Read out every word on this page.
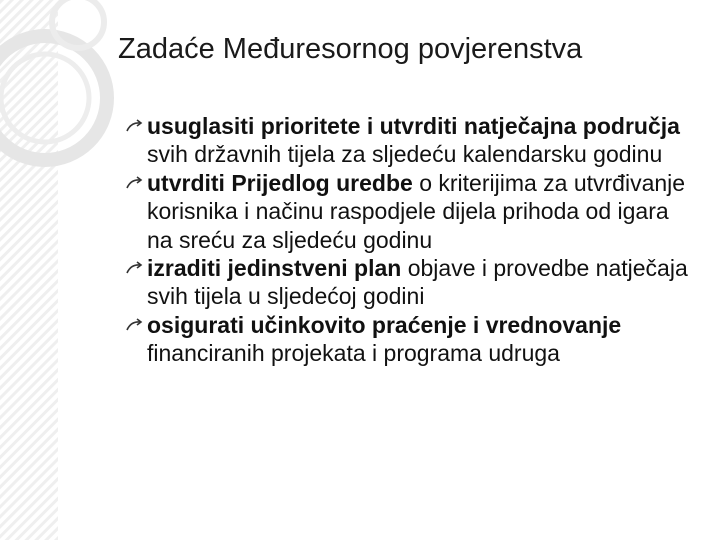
Zadaće Međuresornog povjerenstva
usuglasiti prioritete i utvrditi natječajna područja svih državnih tijela za sljedeću kalendarsku godinu
utvrditi Prijedlog uredbe o kriterijima za utvrđivanje korisnika i načinu raspodjele dijela prihoda od igara na sreću za sljedeću godinu
izraditi jedinstveni plan objave i provedbe natječaja svih tijela u sljedećoj godini
osigurati učinkovito praćenje i vrednovanje financiranih projekata i programa udruga
